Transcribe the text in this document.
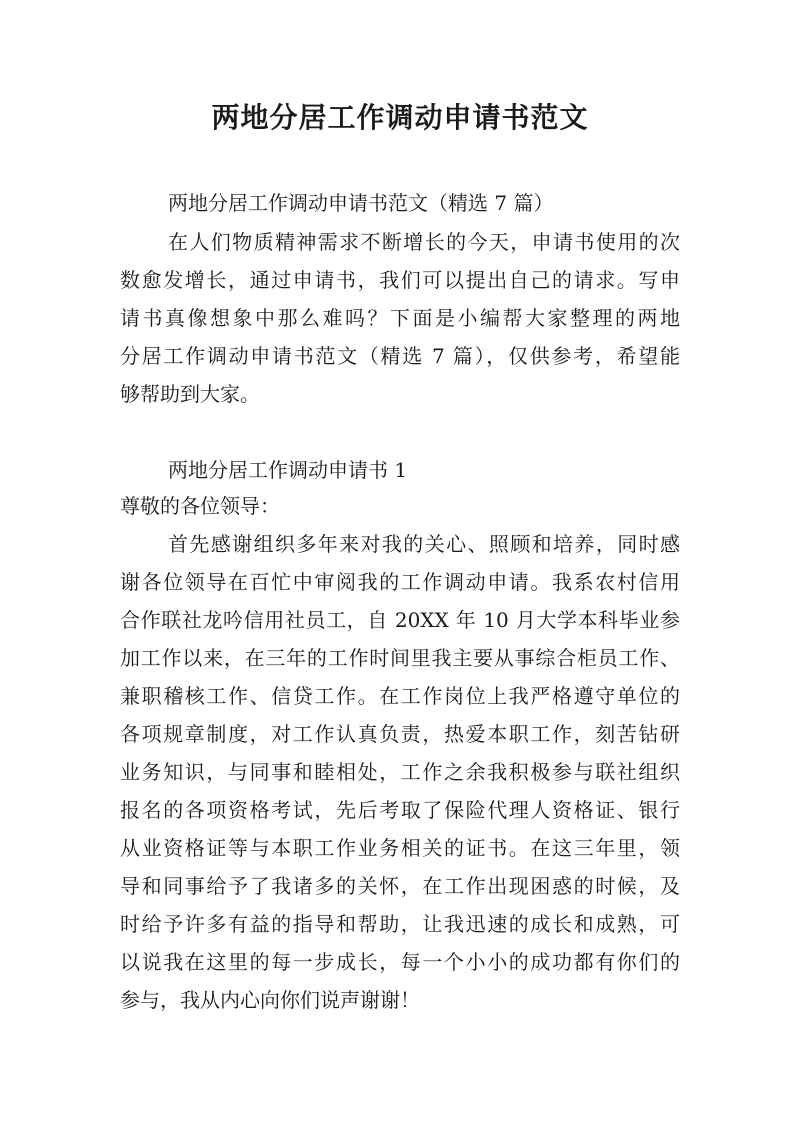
两地分居工作调动申请书范文
两地分居工作调动申请书范文（精选 7 篇）
在人们物质精神需求不断增长的今天，申请书使用的次
数愈发增长，通过申请书，我们可以提出自己的请求。写申
请书真像想象中那么难吗？下面是小编帮大家整理的两地
分居工作调动申请书范文（精选 7 篇），仅供参考，希望能
够帮助到大家。
两地分居工作调动申请书 1
尊敬的各位领导：
首先感谢组织多年来对我的关心、照顾和培养，同时感
谢各位领导在百忙中审阅我的工作调动申请。我系农村信用
合作联社龙吟信用社员工，自 20XX 年 10 月大学本科毕业参
加工作以来，在三年的工作时间里我主要从事综合柜员工作、
兼职稽核工作、信贷工作。在工作岗位上我严格遵守单位的
各项规章制度，对工作认真负责，热爱本职工作，刻苦钻研
业务知识，与同事和睦相处，工作之余我积极参与联社组织
报名的各项资格考试，先后考取了保险代理人资格证、银行
从业资格证等与本职工作业务相关的证书。在这三年里，领
导和同事给予了我诸多的关怀，在工作出现困惑的时候，及
时给予许多有益的指导和帮助，让我迅速的成长和成熟，可
以说我在这里的每一步成长，每一个小小的成功都有你们的
参与，我从内心向你们说声谢谢！
